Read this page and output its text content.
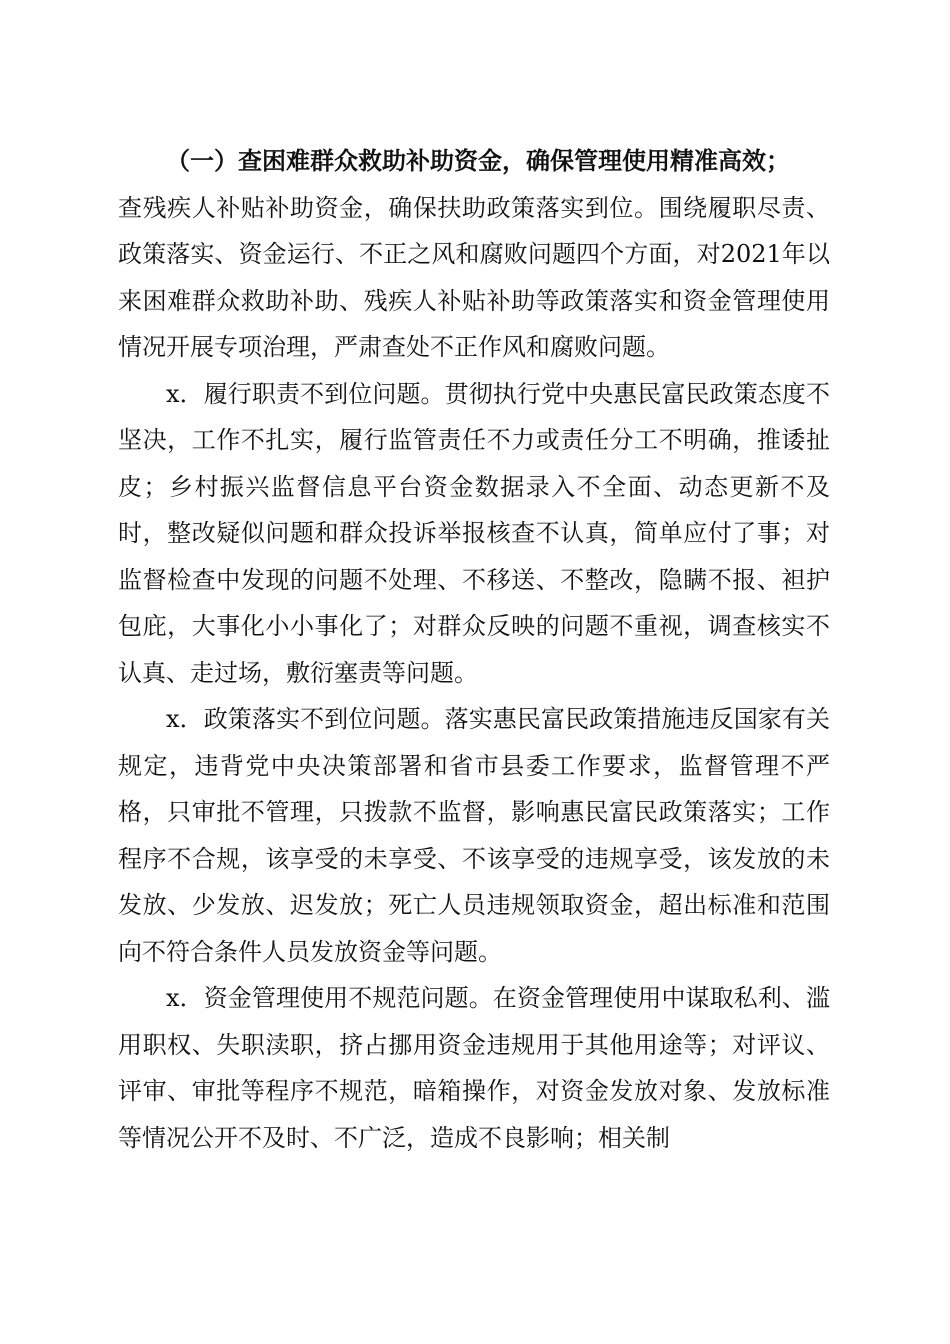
（一）查困难群众救助补助资金，确保管理使用精准高效；
查残疾人补贴补助资金，确保扶助政策落实到位。围绕履职尽责、政策落实、资金运行、不正之风和腐败问题四个方面，对2021年以来困难群众救助补助、残疾人补贴补助等政策落实和资金管理使用情况开展专项治理，严肃查处不正作风和腐败问题。

x．履行职责不到位问题。贯彻执行党中央惠民富民政策态度不坚决，工作不扎实，履行监管责任不力或责任分工不明确，推诿扯皮；乡村振兴监督信息平台资金数据录入不全面、动态更新不及时，整改疑似问题和群众投诉举报核查不认真，简单应付了事；对监督检查中发现的问题不处理、不移送、不整改，隐瞒不报、袒护包庇，大事化小小事化了；对群众反映的问题不重视，调查核实不认真、走过场，敷衍塞责等问题。

x．政策落实不到位问题。落实惠民富民政策措施违反国家有关规定，违背党中央决策部署和省市县委工作要求，监督管理不严格，只审批不管理，只拨款不监督，影响惠民富民政策落实；工作程序不合规，该享受的未享受、不该享受的违规享受，该发放的未发放、少发放、迟发放；死亡人员违规领取资金，超出标准和范围向不符合条件人员发放资金等问题。

x．资金管理使用不规范问题。在资金管理使用中谋取私利、滥用职权、失职渎职，挤占挪用资金违规用于其他用途等；对评议、评审、审批等程序不规范，暗箱操作，对资金发放对象、发放标准等情况公开不及时、不广泛，造成不良影响；相关制
